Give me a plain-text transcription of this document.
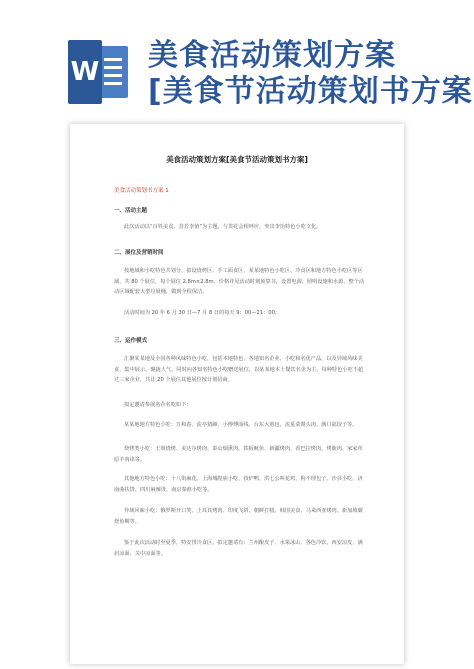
W 美食活动策划方案
[美食节活动策划书方案
美食活动策划方案[美食节活动策划书方案]
美食活动策划书方案 1
一、活动主题
此次活动以“百姓美食，昔芳李值”为主题，与贯花会相呼应，突出李饴特色小吃文化。
二、展位及营销时间
按地域和小吃特色共划分，拟设烧烤区、手工面食区、某某地特色小吃区、冷食区和地方特色小吃区等区域，共 80 个展位，每个展位 2.8m×2.8m，价格详见活动时刻预算书，设置电源、照明设施和水源，整个活动区域配套大型垃圾桶，做到全程保洁。
活动时间为 20 年 6 月 30 日—7 月 8 日的每天 9：00—21：00。
三、运作模式
汇聚某某地及全国各种风味特色小吃，包括本地特色、各地知名企业、小吃和名优产品，以及异域风味美食，集中展示，聚拢人气。同时向各知名特色小吃赠送展位，以某某地本土餐饮名企为主，每种特色小吃不超过三家企业，共计 20 个展位其他展位按计划招商。
拟定邀请参展名企名吃如下：
某某地地方特色小吃：万和春、流亭猪蹄、小傅傅面线、台东大煎包、流觅菜馒头肉、满口福饺子等。
烧烤类小吃：王姐烧烤、美达尔烤肉、泰山烟熏肉、铁板鱿鱼、新疆烤肉、香巴拉烤肉、烤鹿肉、家家草原羊肉串等。
其他地方特色小吃：十八街麻花、上海城隍庙小吃、技炉鸭、洪七公叫花鸡、狗不理包子、沙县小吃、济南曲扶饼、四川麻辣烫、南京秦淮小吃等。
异域风味小吃：俄罗斯开口笑、土耳其烤肉、印度飞饼、朝鲜打糕、韩国美食、马来西亚烤肉、新加坡碳烧鱼柳等。
鉴于此次活动时至夏季，特安排冷食区，拟定邀请有：兰州酿皮子、水果冰山、各色冷饮、西安凉皮、满肩凉面、关中凉面等。
